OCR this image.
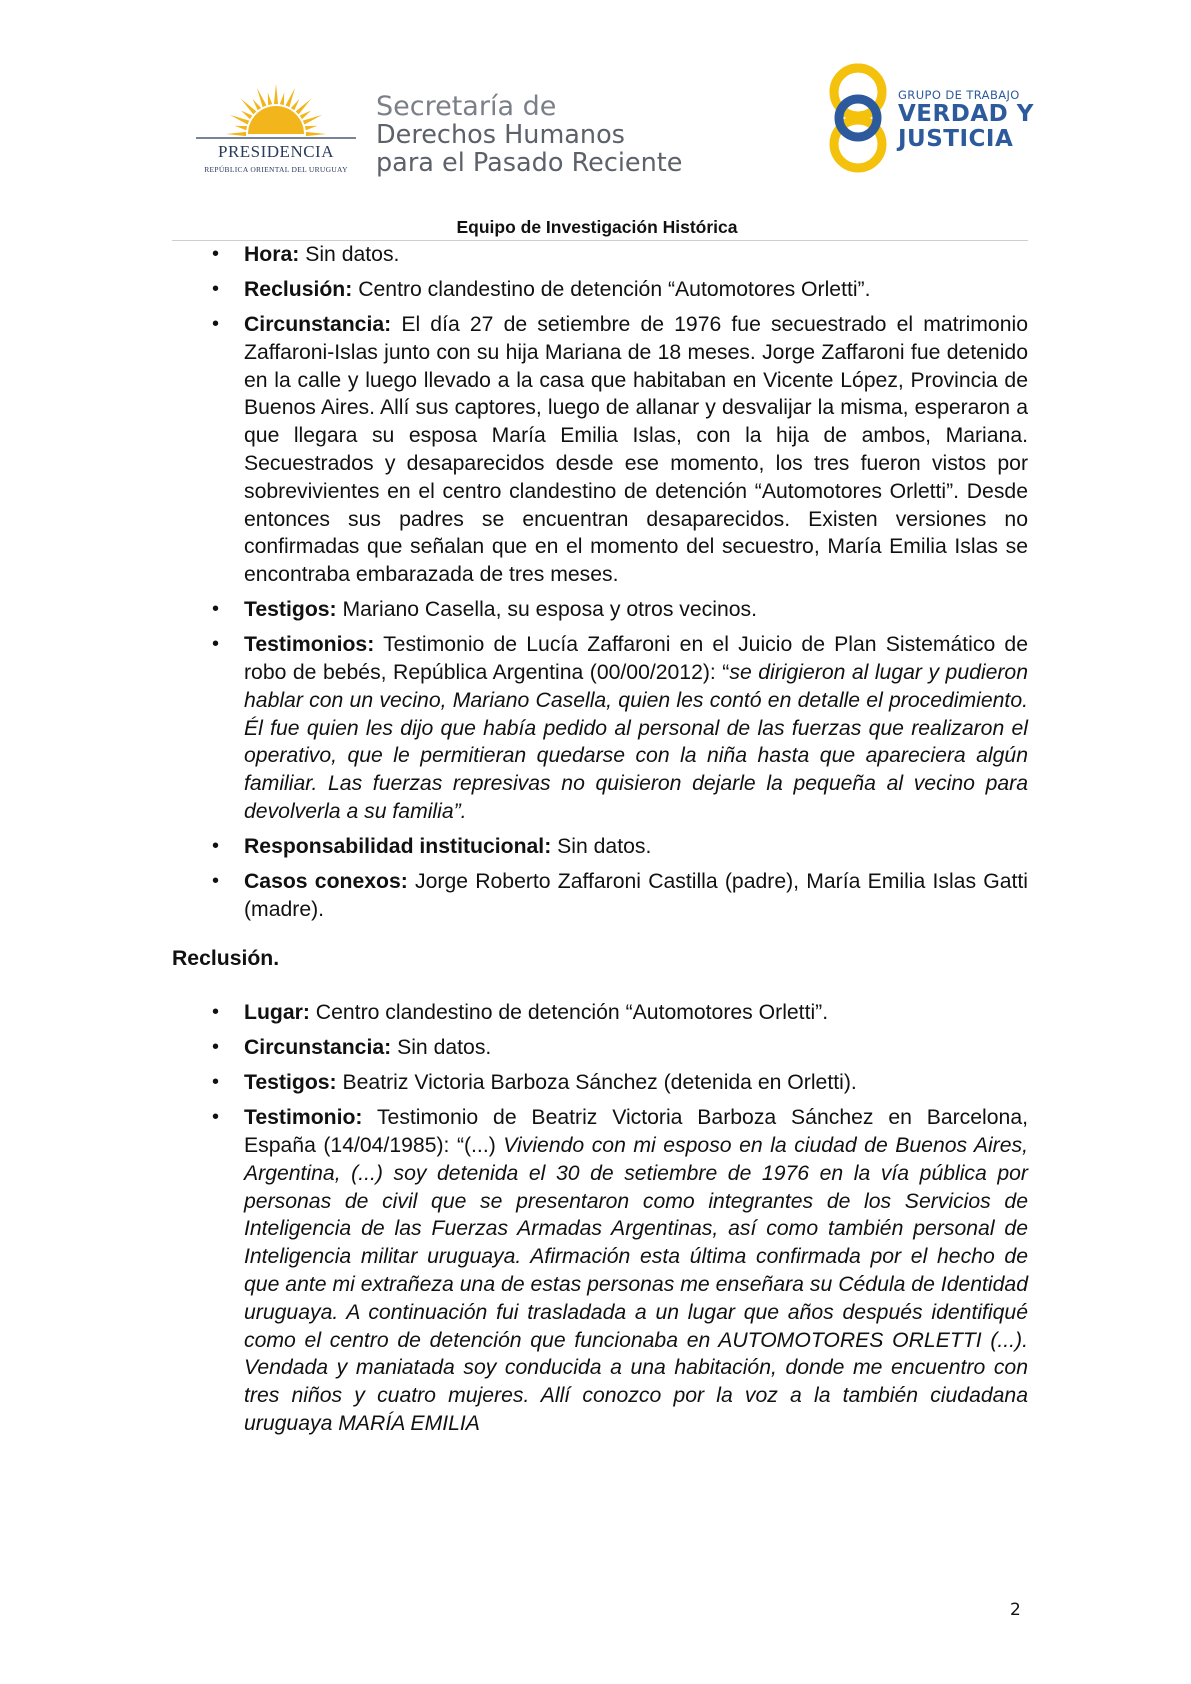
PRESIDENCIA
REPÚBLICA ORIENTAL DEL URUGUAY
Secretaría de
Derechos Humanos
para el Pasado Reciente
GRUPO DE TRABAJO
VERDAD Y
JUSTICIA
Equipo de Investigación Histórica
• Hora: Sin datos.
• Reclusión: Centro clandestino de detención “Automotores Orletti”.
• Circunstancia: El día 27 de setiembre de 1976 fue secuestrado el matrimonio Zaffaroni-Islas junto con su hija Mariana de 18 meses. Jorge Zaffaroni fue detenido en la calle y luego llevado a la casa que habitaban en Vicente López, Provincia de Buenos Aires. Allí sus captores, luego de allanar y desvalijar la misma, esperaron a que llegara su esposa María Emilia Islas, con la hija de ambos, Mariana. Secuestrados y desaparecidos desde ese momento, los tres fueron vistos por sobrevivientes en el centro clandestino de detención “Automotores Orletti”. Desde entonces sus padres se encuentran desaparecidos. Existen versiones no confirmadas que señalan que en el momento del secuestro, María Emilia Islas se encontraba embarazada de tres meses.
• Testigos: Mariano Casella, su esposa y otros vecinos.
• Testimonios: Testimonio de Lucía Zaffaroni en el Juicio de Plan Sistemático de robo de bebés, República Argentina (00/00/2012): “se dirigieron al lugar y pudieron hablar con un vecino, Mariano Casella, quien les contó en detalle el procedimiento. Él fue quien les dijo que había pedido al personal de las fuerzas que realizaron el operativo, que le permitieran quedarse con la niña hasta que apareciera algún familiar. Las fuerzas represivas no quisieron dejarle la pequeña al vecino para devolverla a su familia”.
• Responsabilidad institucional: Sin datos.
• Casos conexos: Jorge Roberto Zaffaroni Castilla (padre), María Emilia Islas Gatti (madre).
Reclusión.
• Lugar: Centro clandestino de detención “Automotores Orletti”.
• Circunstancia: Sin datos.
• Testigos: Beatriz Victoria Barboza Sánchez (detenida en Orletti).
• Testimonio: Testimonio de Beatriz Victoria Barboza Sánchez en Barcelona, España (14/04/1985): “(...) Viviendo con mi esposo en la ciudad de Buenos Aires, Argentina, (...) soy detenida el 30 de setiembre de 1976 en la vía pública por personas de civil que se presentaron como integrantes de los Servicios de Inteligencia de las Fuerzas Armadas Argentinas, así como también personal de Inteligencia militar uruguaya. Afirmación esta última confirmada por el hecho de que ante mi extrañeza una de estas personas me enseñara su Cédula de Identidad uruguaya. A continuación fui trasladada a un lugar que años después identifiqué como el centro de detención que funcionaba en AUTOMOTORES ORLETTI (...). Vendada y maniatada soy conducida a una habitación, donde me encuentro con tres niños y cuatro mujeres. Allí conozco por la voz a la también ciudadana uruguaya MARÍA EMILIA
2
